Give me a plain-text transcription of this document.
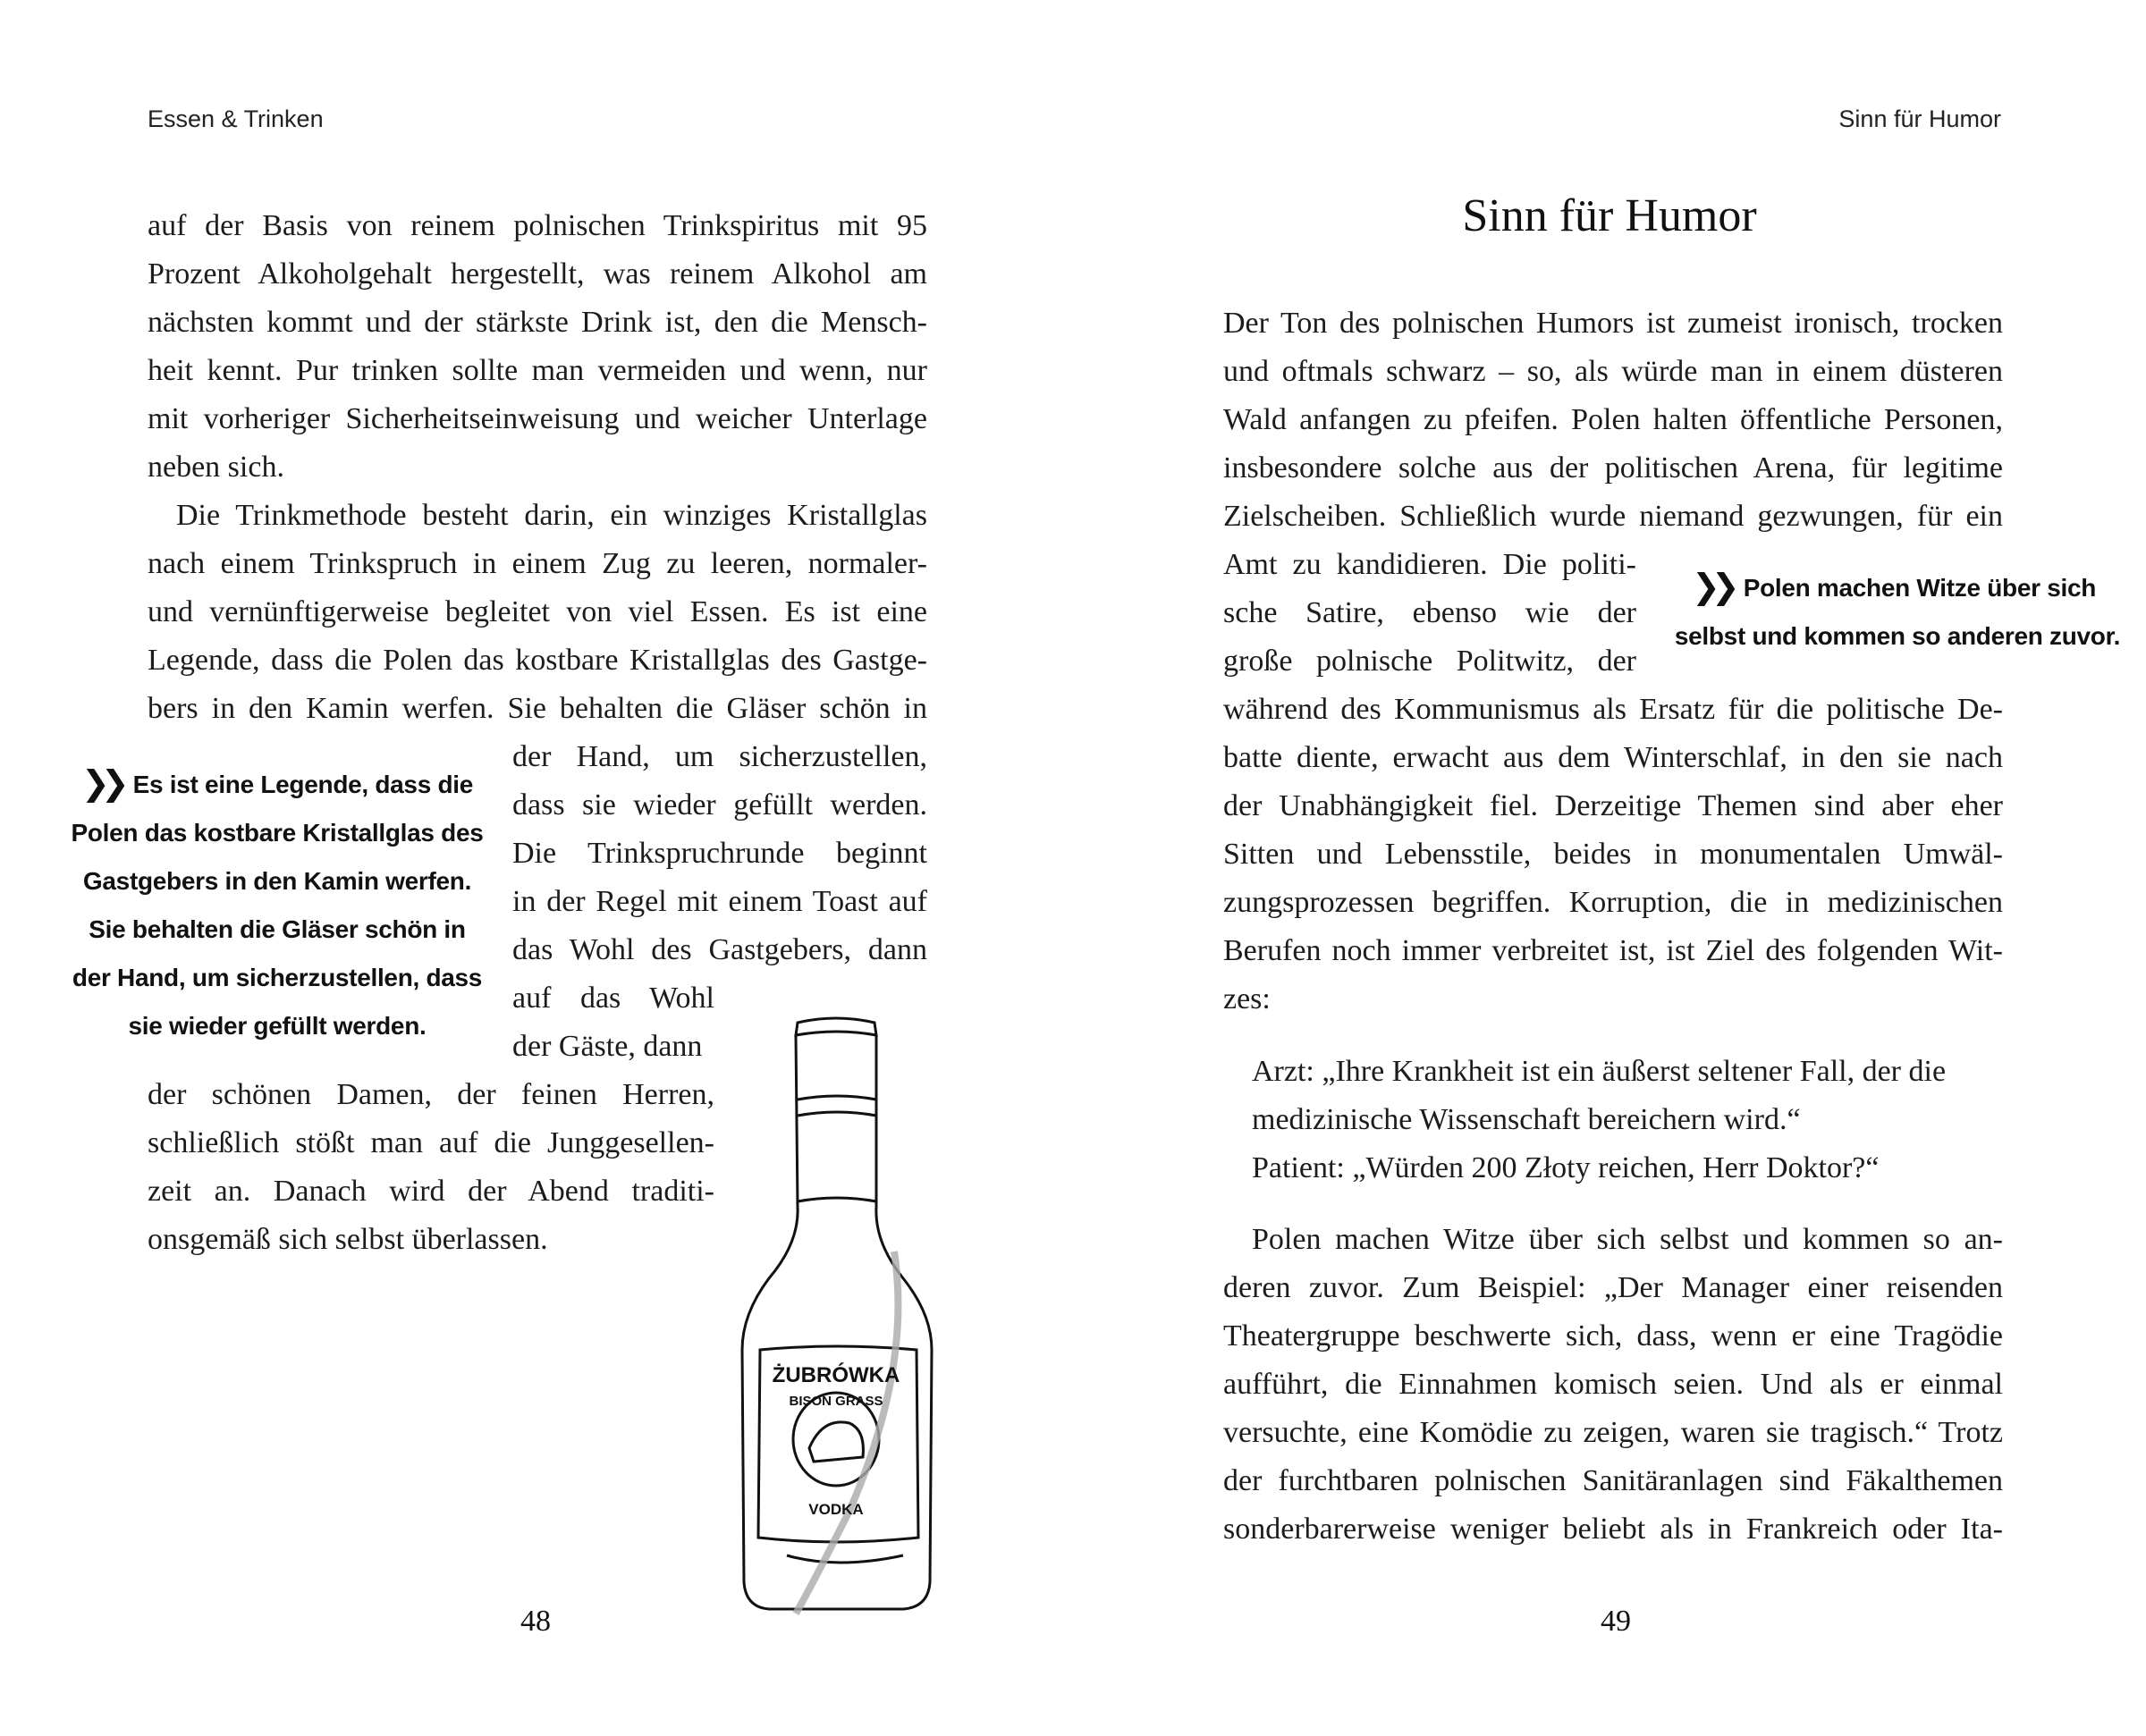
Essen & Trinken
auf der Basis von reinem polnischen Trinkspiritus mit 95
Prozent Alkoholgehalt hergestellt, was reinem Alkohol am
nächsten kommt und der stärkste Drink ist, den die Mensch-
heit kennt. Pur trinken sollte man vermeiden und wenn, nur
mit vorheriger Sicherheitseinweisung und weicher Unterlage
neben sich.
Die Trinkmethode besteht darin, ein winziges Kristallglas
nach einem Trinkspruch in einem Zug zu leeren, normaler-
und vernünftigerweise begleitet von viel Essen. Es ist eine
Legende, dass die Polen das kostbare Kristallglas des Gastge-
bers in den Kamin werfen. Sie behalten die Gläser schön in
der Hand, um sicherzustellen,
dass sie wieder gefüllt werden.
Die Trinkspruchrunde beginnt
in der Regel mit einem Toast auf
das Wohl des Gastgebers, dann
auf das Wohl
der Gäste, dann
der schönen Damen, der feinen Herren,
schließlich stößt man auf die Junggesellen-
zeit an. Danach wird der Abend traditi-
onsgemäß sich selbst überlassen.
❯❯ Es ist eine Legende, dass die
Polen das kostbare Kristallglas des
Gastgebers in den Kamin werfen.
Sie behalten die Gläser schön in
der Hand, um sicherzustellen, dass
sie wieder gefüllt werden.
ŻUBRÓWKA
BISON GRASS
VODKA
48
Sinn für Humor
Sinn für Humor
Der Ton des polnischen Humors ist zumeist ironisch, trocken
und oftmals schwarz – so, als würde man in einem düsteren
Wald anfangen zu pfeifen. Polen halten öffentliche Personen,
insbesondere solche aus der politischen Arena, für legitime
Zielscheiben. Schließlich wurde niemand gezwungen, für ein
Amt zu kandidieren. Die politi-
sche Satire, ebenso wie der
große polnische Politwitz, der
während des Kommunismus als Ersatz für die politische De-
batte diente, erwacht aus dem Winterschlaf, in den sie nach
der Unabhängigkeit fiel. Derzeitige Themen sind aber eher
Sitten und Lebensstile, beides in monumentalen Umwäl-
zungsprozessen begriffen. Korruption, die in medizinischen
Berufen noch immer verbreitet ist, ist Ziel des folgenden Wit-
zes:
Arzt: „Ihre Krankheit ist ein äußerst seltener Fall, der die
medizinische Wissenschaft bereichern wird.“
Patient: „Würden 200 Złoty reichen, Herr Doktor?“
Polen machen Witze über sich selbst und kommen so an-
deren zuvor. Zum Beispiel: „Der Manager einer reisenden
Theatergruppe beschwerte sich, dass, wenn er eine Tragödie
aufführt, die Einnahmen komisch seien. Und als er einmal
versuchte, eine Komödie zu zeigen, waren sie tragisch.“ Trotz
der furchtbaren polnischen Sanitäranlagen sind Fäkalthemen
sonderbarerweise weniger beliebt als in Frankreich oder Ita-
❯❯ Polen machen Witze über sich
selbst und kommen so anderen zuvor.
49
